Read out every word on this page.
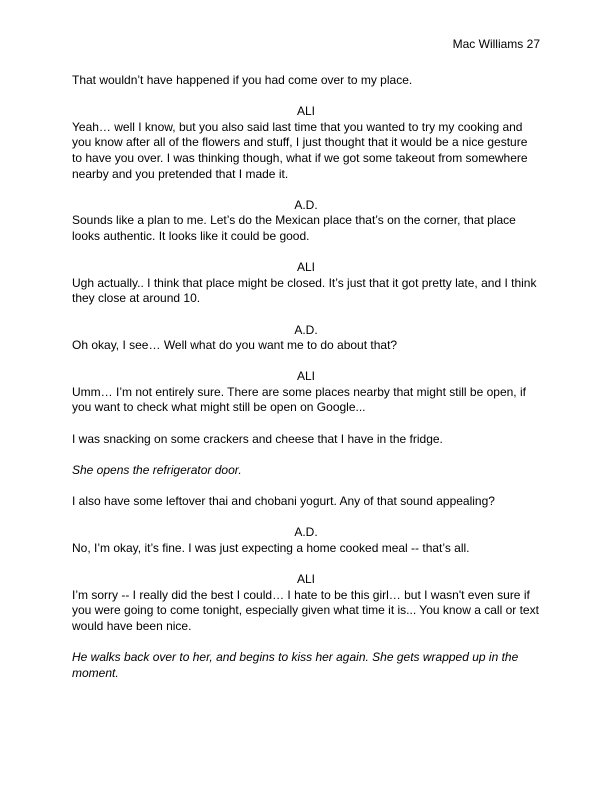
Mac Williams 27

That wouldn’t have happened if you had come over to my place.

ALI

Yeah… well I know, but you also said last time that you wanted to try my cooking and you know after all of the flowers and stuff, I just thought that it would be a nice gesture to have you over. I was thinking though, what if we got some takeout from somewhere nearby and you pretended that I made it.

A.D.

Sounds like a plan to me. Let’s do the Mexican place that’s on the corner, that place looks authentic. It looks like it could be good.

ALI

Ugh actually.. I think that place might be closed. It’s just that it got pretty late, and I think they close at around 10.

A.D.

Oh okay, I see… Well what do you want me to do about that?

ALI

Umm… I’m not entirely sure. There are some places nearby that might still be open, if you want to check what might still be open on Google...

I was snacking on some crackers and cheese that I have in the fridge.

She opens the refrigerator door.

I also have some leftover thai and chobani yogurt. Any of that sound appealing?

A.D.

No, I’m okay, it’s fine. I was just expecting a home cooked meal -- that’s all.

ALI

I’m sorry -- I really did the best I could… I hate to be this girl… but I wasn't even sure if you were going to come tonight, especially given what time it is... You know a call or text would have been nice.

He walks back over to her, and begins to kiss her again. She gets wrapped up in the moment.
